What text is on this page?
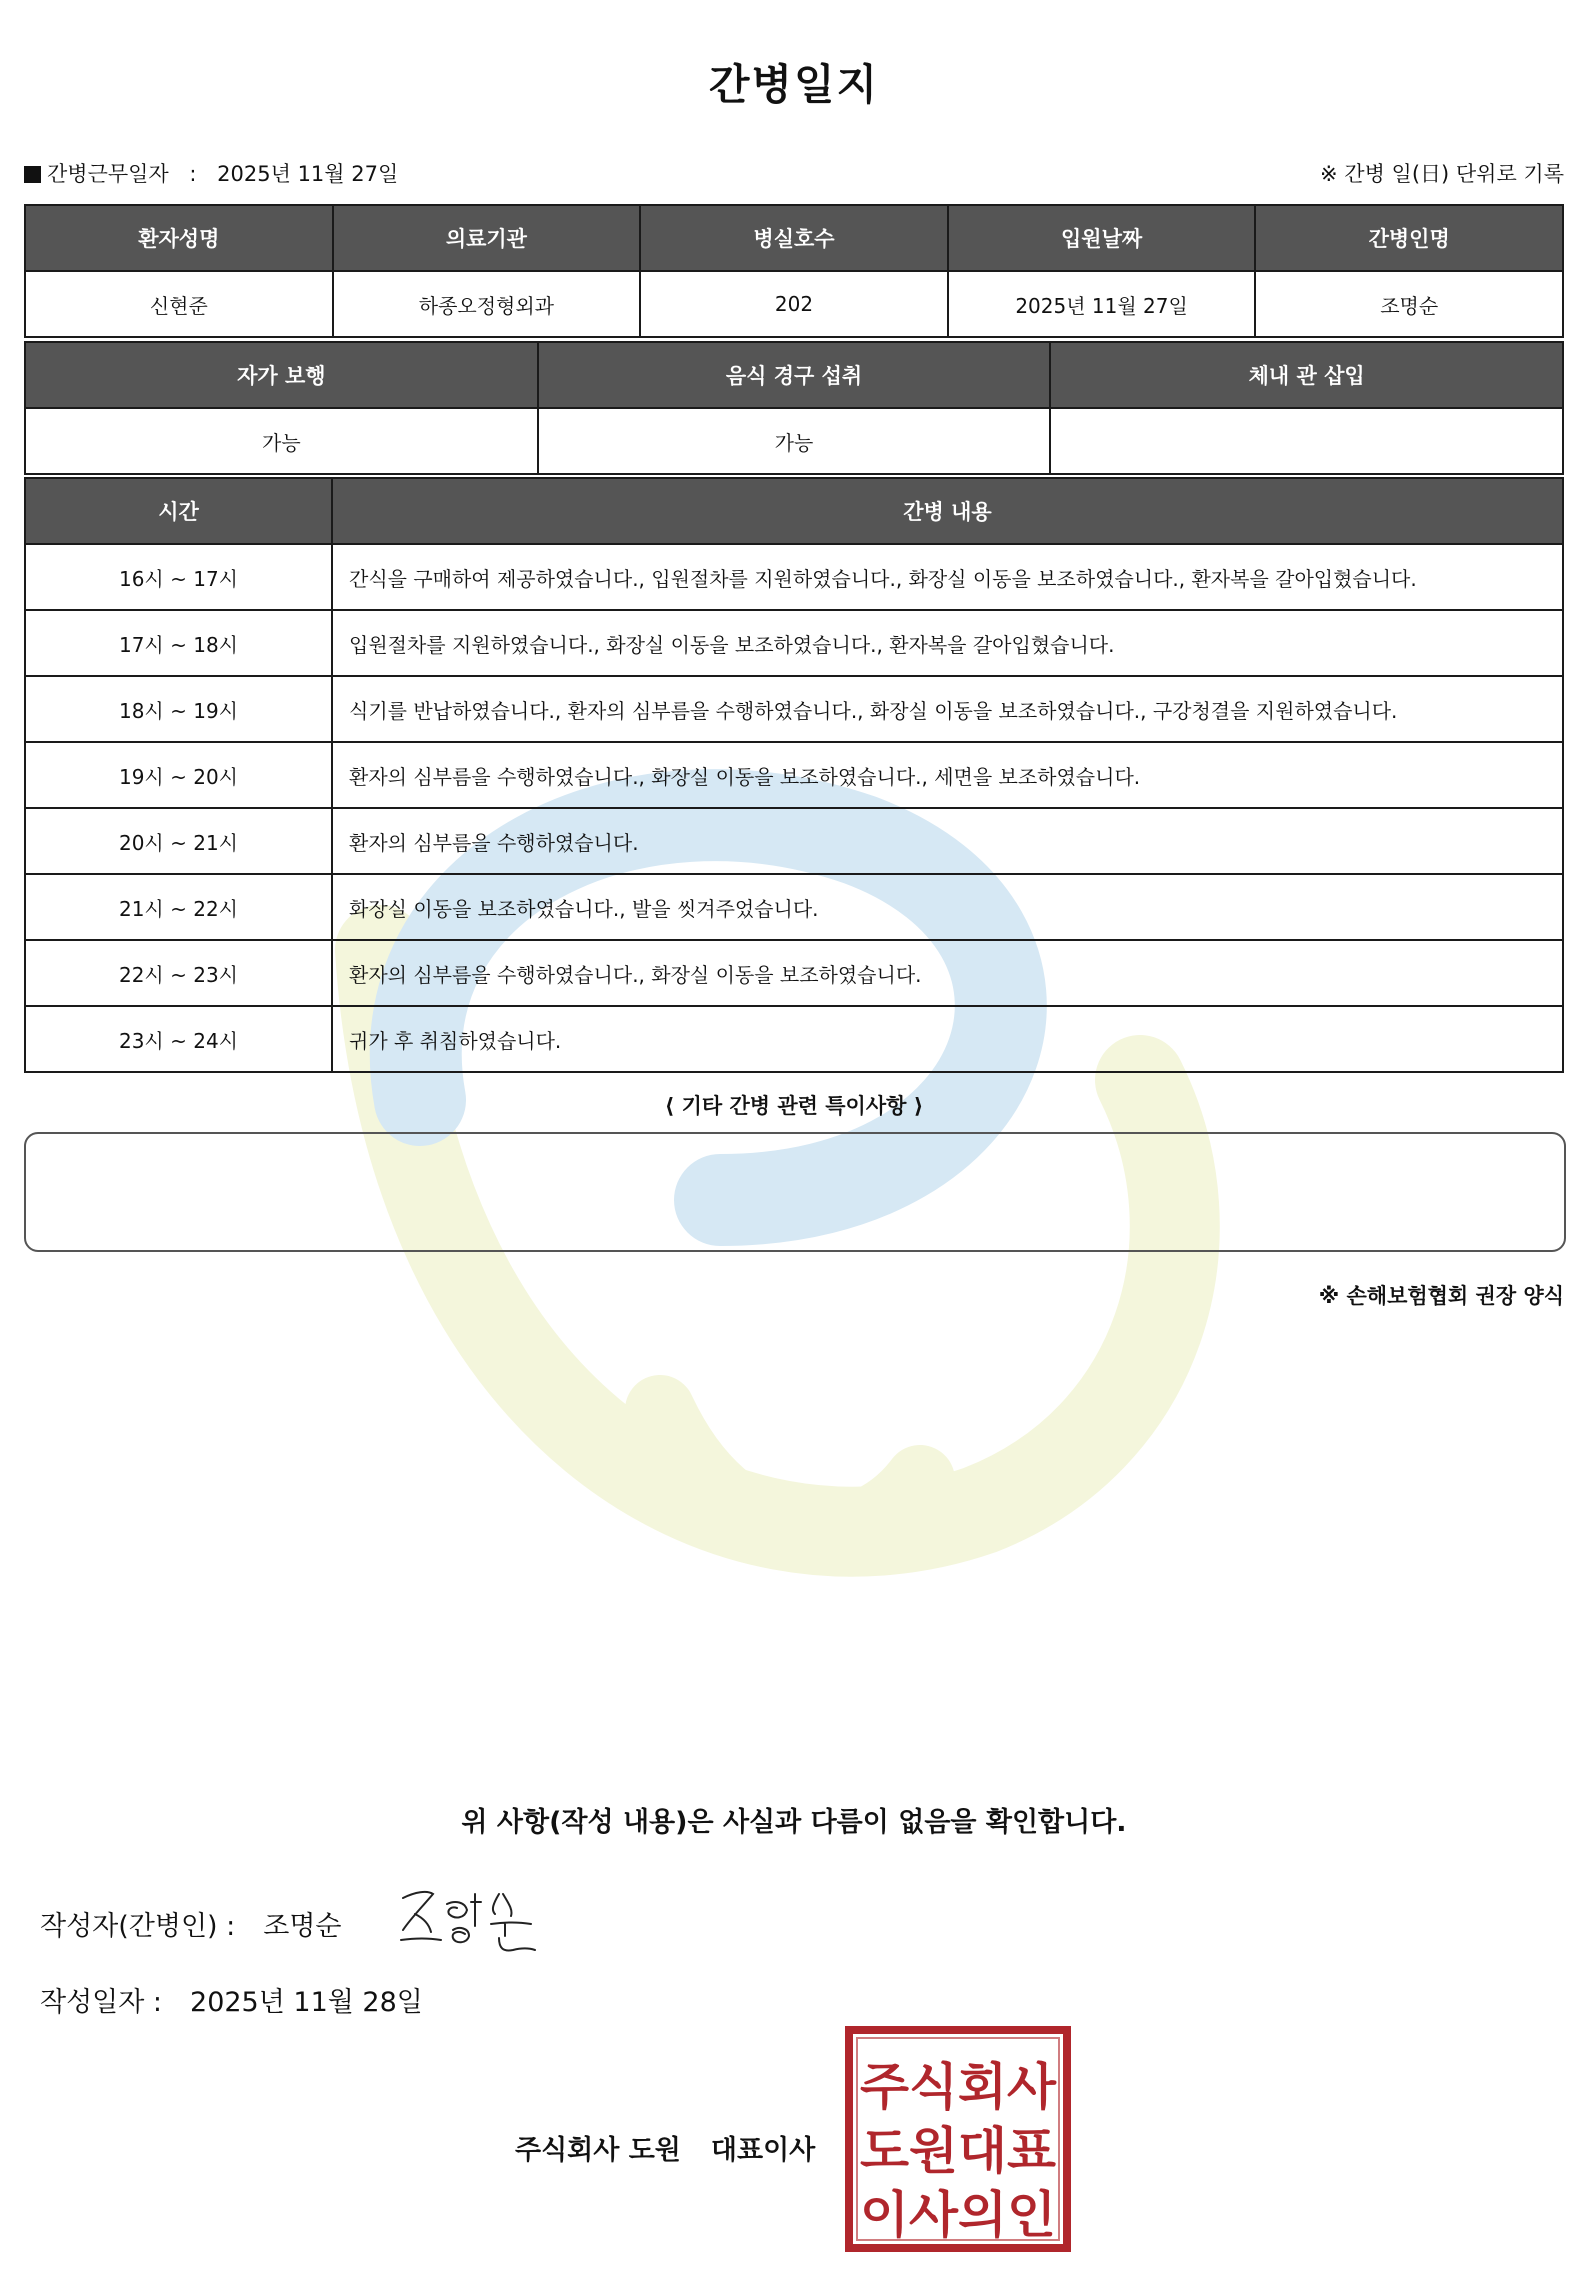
간병일지
간병근무일자 : 2025년 11월 27일	※ 간병 일(日) 단위로 기록
환자성명	의료기관	병실호수	입원날짜	간병인명
신현준	하종오정형외과	202	2025년 11월 27일	조명순
자가 보행	음식 경구 섭취	체내 관 삽입
가능	가능	
시간	간병 내용
16시 ~ 17시	간식을 구매하여 제공하였습니다., 입원절차를 지원하였습니다., 화장실 이동을 보조하였습니다., 환자복을 갈아입혔습니다.
17시 ~ 18시	입원절차를 지원하였습니다., 화장실 이동을 보조하였습니다., 환자복을 갈아입혔습니다.
18시 ~ 19시	식기를 반납하였습니다., 환자의 심부름을 수행하였습니다., 화장실 이동을 보조하였습니다., 구강청결을 지원하였습니다.
19시 ~ 20시	환자의 심부름을 수행하였습니다., 화장실 이동을 보조하였습니다., 세면을 보조하였습니다.
20시 ~ 21시	환자의 심부름을 수행하였습니다.
21시 ~ 22시	화장실 이동을 보조하였습니다., 발을 씻겨주었습니다.
22시 ~ 23시	환자의 심부름을 수행하였습니다., 화장실 이동을 보조하였습니다.
23시 ~ 24시	귀가 후 취침하였습니다.
⟨ 기타 간병 관련 특이사항 ⟩
※ 손해보험협회 권장 양식
위 사항(작성 내용)은 사실과 다름이 없음을 확인합니다.
작성자(간병인) : 조명순
작성일자 : 2025년 11월 28일
주식회사 도원 대표이사
주식회사
도원대표
이사의인
